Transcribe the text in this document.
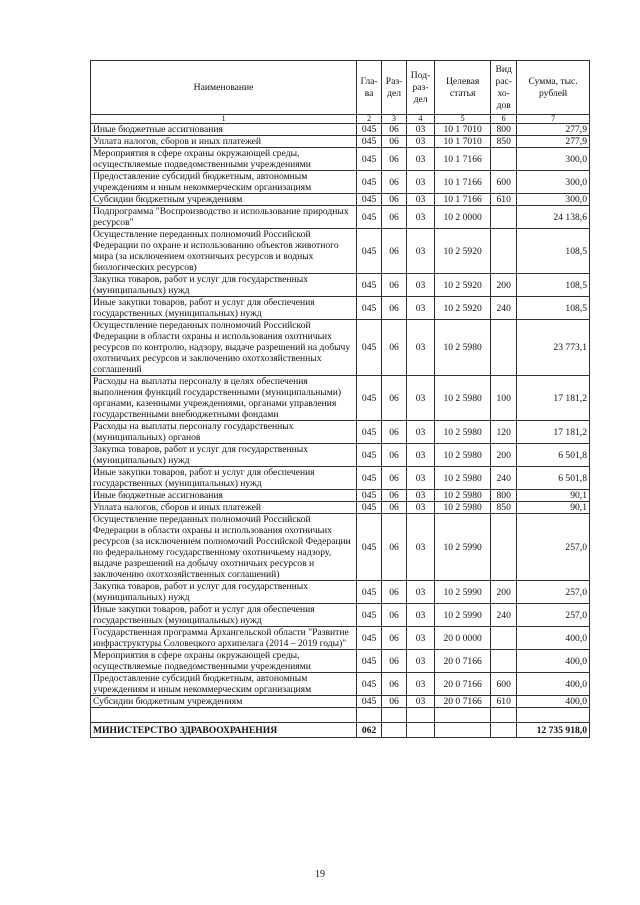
Наименование	Гла-ва	Раз-дел	Под-раз-дел	Целевая статья	Вид рас-хо-дов	Сумма, тыс. рублей
1	2	3	4	5	6	7
Иные бюджетные ассигнования	045	06	03	10 1 7010	800	277,9
Уплата налогов, сборов и иных платежей	045	06	03	10 1 7010	850	277,9
Мероприятия в сфере охраны окружающей среды, осуществляемые подведомственными учреждениями	045	06	03	10 1 7166		300,0
Предоставление субсидий бюджетным, автономным учреждениям и иным некоммерческим организациям	045	06	03	10 1 7166	600	300,0
Субсидии бюджетным учреждениям	045	06	03	10 1 7166	610	300,0
Подпрограмма "Воспроизводство и использование природных ресурсов"	045	06	03	10 2 0000		24 138,6
Осуществление переданных полномочий Российской Федерации по охране и использованию объектов животного мира (за исключением охотничьих ресурсов и водных биологических ресурсов)	045	06	03	10 2 5920		108,5
Закупка товаров, работ и услуг для государственных (муниципальных) нужд	045	06	03	10 2 5920	200	108,5
Иные закупки товаров, работ и услуг для обеспечения государственных (муниципальных) нужд	045	06	03	10 2 5920	240	108,5
Осуществление переданных полномочий Российской Федерации в области охраны и использования охотничьих ресурсов по контролю, надзору, выдаче разрешений на добычу охотничьих ресурсов и заключению охотхозяйственных соглашений	045	06	03	10 2 5980		23 773,1
Расходы на выплаты персоналу в целях обеспечения выполнения функций государственными (муниципальными) органами, казенными учреждениями, органами управления государственными внебюджетными фондами	045	06	03	10 2 5980	100	17 181,2
Расходы на выплаты персоналу государственных (муниципальных) органов	045	06	03	10 2 5980	120	17 181,2
Закупка товаров, работ и услуг для государственных (муниципальных) нужд	045	06	03	10 2 5980	200	6 501,8
Иные закупки товаров, работ и услуг для обеспечения государственных (муниципальных) нужд	045	06	03	10 2 5980	240	6 501,8
Иные бюджетные ассигнования	045	06	03	10 2 5980	800	90,1
Уплата налогов, сборов и иных платежей	045	06	03	10 2 5980	850	90,1
Осуществление переданных полномочий Российской Федерации в области охраны и использования охотничьих ресурсов (за исключением полномочий Российской Федерации по федеральному государственному охотничьему надзору, выдаче разрешений на добычу охотничьих ресурсов и заключению охотхозяйственных соглашений)	045	06	03	10 2 5990		257,0
Закупка товаров, работ и услуг для государственных (муниципальных) нужд	045	06	03	10 2 5990	200	257,0
Иные закупки товаров, работ и услуг для обеспечения государственных (муниципальных) нужд	045	06	03	10 2 5990	240	257,0
Государственная программа Архангельской области "Развитие инфраструктуры Соловецкого архипелага (2014 – 2019 годы)"	045	06	03	20 0 0000		400,0
Мероприятия в сфере охраны окружающей среды, осуществляемые подведомственными учреждениями	045	06	03	20 0 7166		400,0
Предоставление субсидий бюджетным, автономным учреждениям и иным некоммерческим организациям	045	06	03	20 0 7166	600	400,0
Субсидии бюджетным учреждениям	045	06	03	20 0 7166	610	400,0

МИНИСТЕРСТВО ЗДРАВООХРАНЕНИЯ	062					12 735 918,0
19
